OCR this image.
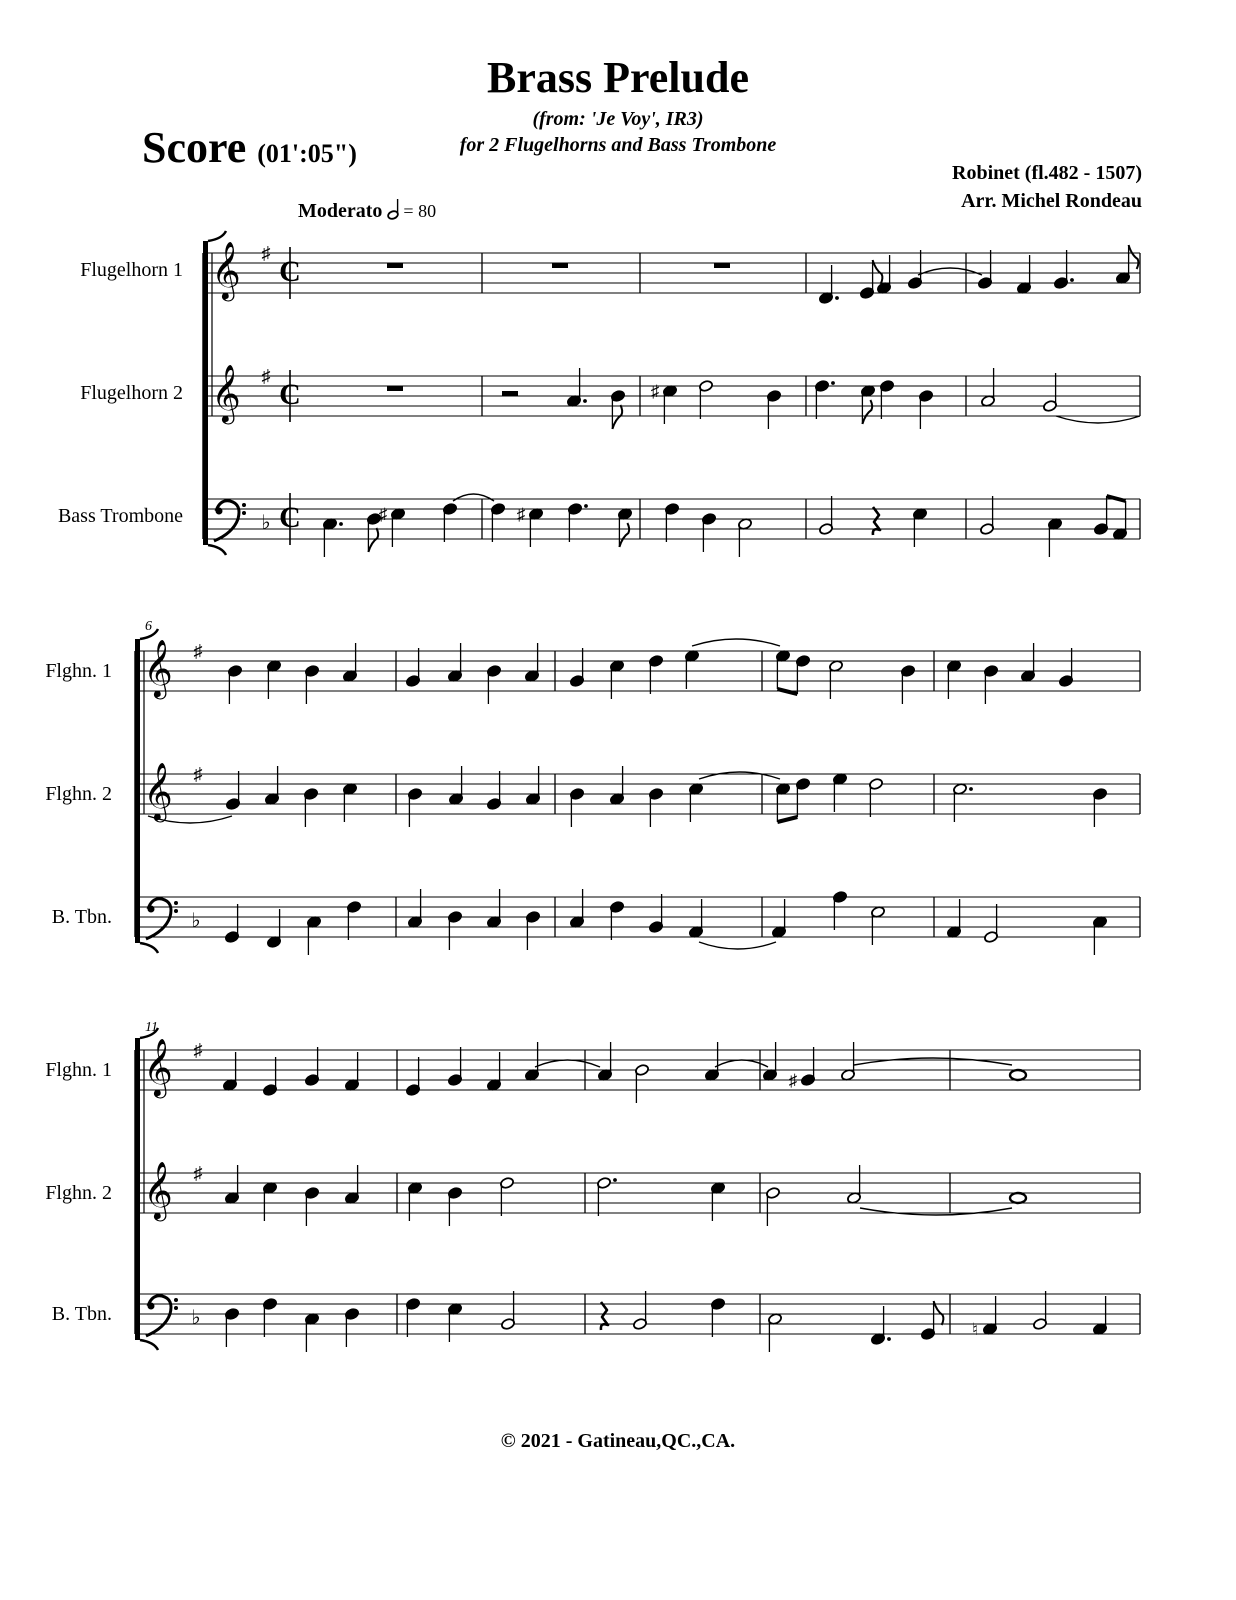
Brass Prelude
(from: 'Je Voy', IR3)
for 2 Flugelhorns and Bass Trombone
Score (01':05")
Robinet (fl.482 - 1507)
Arr. Michel Rondeau
Moderato = 80
Flugelhorn 1
Flugelhorn 2
Bass Trombone
Flghn. 1
Flghn. 2
B. Tbn.
Flghn. 1
Flghn. 2
B. Tbn.
6
11
𝄞
𝄞
♯
♯
♭
C
C
C
♯
♯	♯
𝄞
𝄞
♯
♯
♭
𝄞
𝄞
♯
♯
♭
♯
♮
© 2021 - Gatineau,QC.,CA.
